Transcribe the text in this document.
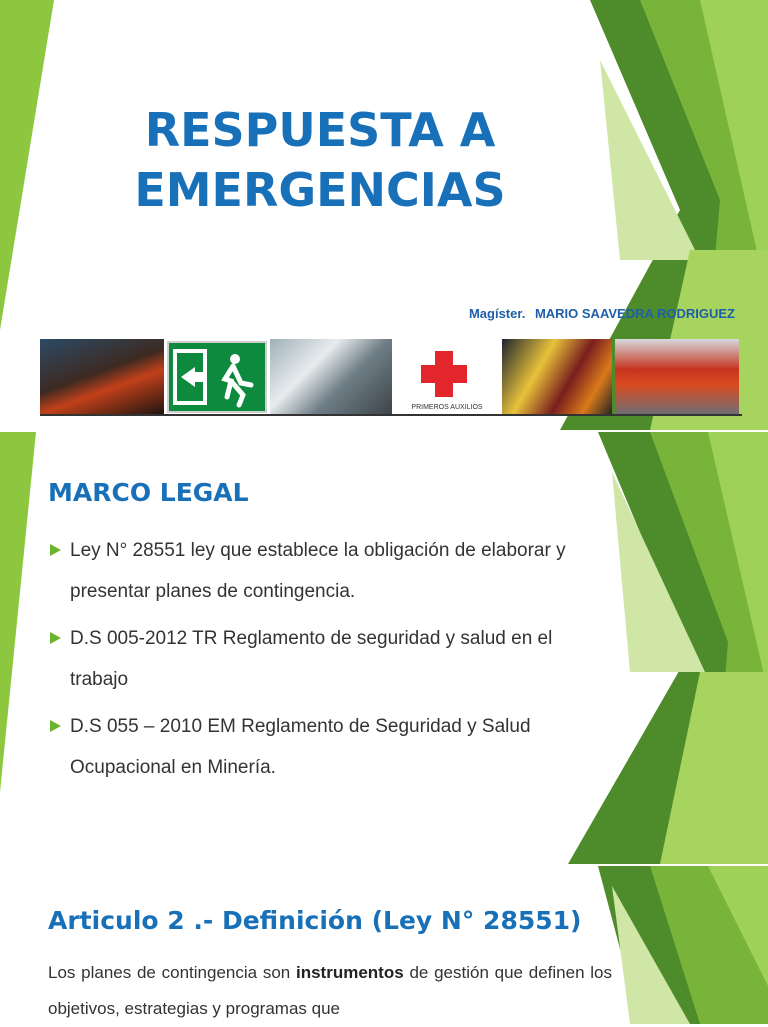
RESPUESTA A EMERGENCIAS
Magíster. MARIO SAAVEDRA RODRIGUEZ
PRIMEROS AUXILIOS
MARCO LEGAL
Ley N° 28551 ley que establece la obligación de elaborar y presentar planes de contingencia.
D.S 005-2012 TR Reglamento de seguridad y salud en el trabajo
D.S 055 – 2010 EM Reglamento de Seguridad y Salud Ocupacional en Minería.
Articulo 2 .- Definición (Ley N° 28551)

Los planes de contingencia son instrumentos de gestión que definen los objetivos, estrategias y programas que
